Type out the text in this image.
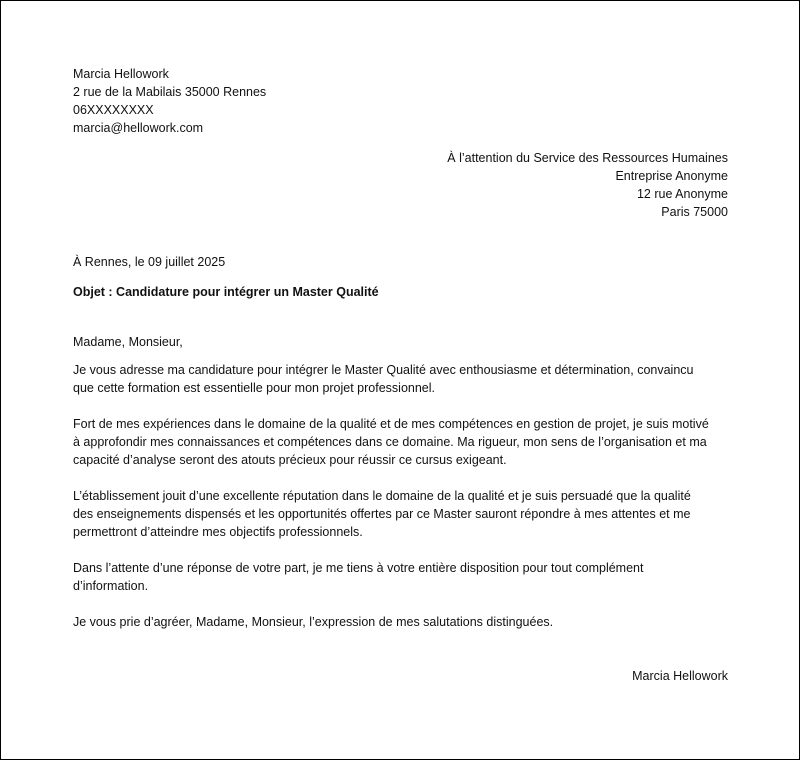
Marcia Hellowork
2 rue de la Mabilais 35000 Rennes
06XXXXXXXX
marcia@hellowork.com
À l’attention du Service des Ressources Humaines
Entreprise Anonyme
12 rue Anonyme
Paris 75000
À Rennes, le 09 juillet 2025
Objet : Candidature pour intégrer un Master Qualité
Madame, Monsieur,
Je vous adresse ma candidature pour intégrer le Master Qualité avec enthousiasme et détermination, convaincu
que cette formation est essentielle pour mon projet professionnel.
Fort de mes expériences dans le domaine de la qualité et de mes compétences en gestion de projet, je suis motivé
à approfondir mes connaissances et compétences dans ce domaine. Ma rigueur, mon sens de l’organisation et ma
capacité d’analyse seront des atouts précieux pour réussir ce cursus exigeant.
L’établissement jouit d’une excellente réputation dans le domaine de la qualité et je suis persuadé que la qualité
des enseignements dispensés et les opportunités offertes par ce Master sauront répondre à mes attentes et me
permettront d’atteindre mes objectifs professionnels.
Dans l’attente d’une réponse de votre part, je me tiens à votre entière disposition pour tout complément
d’information.
Je vous prie d’agréer, Madame, Monsieur, l’expression de mes salutations distinguées.
Marcia Hellowork
